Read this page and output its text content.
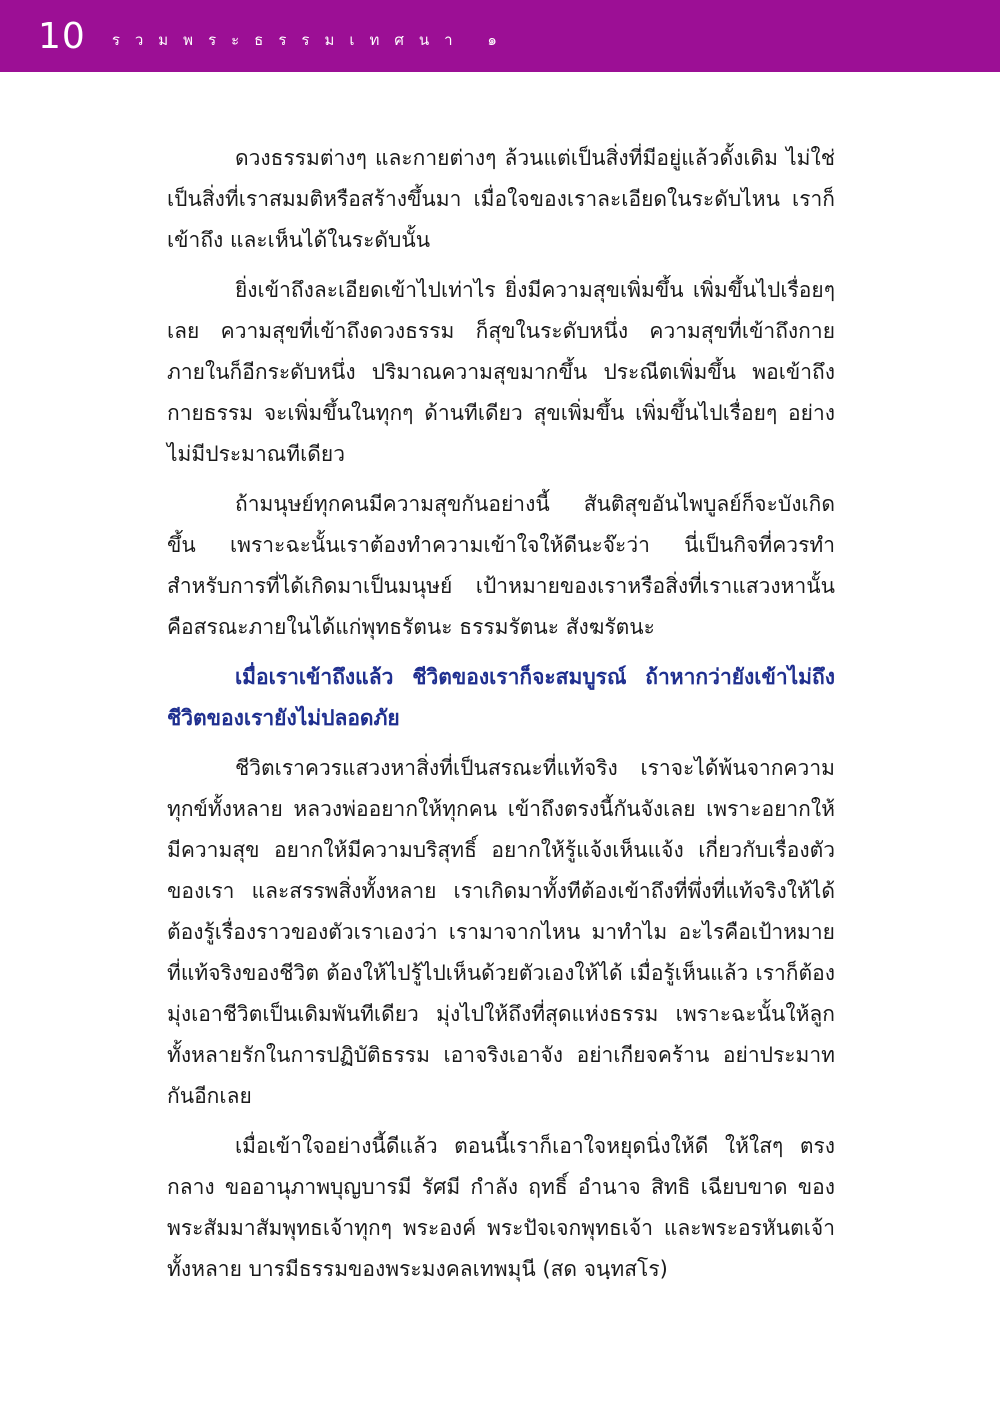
10 รวมพระธรรมเทศนา ๑

ดวงธรรมต่างๆ และกายต่างๆ ล้วนแต่เป็นสิ่งที่มีอยู่แล้วดั้งเดิม ไม่ใช่เป็นสิ่งที่เราสมมติหรือสร้างขึ้นมา เมื่อใจของเราละเอียดในระดับไหน เราก็เข้าถึง และเห็นได้ในระดับนั้น

ยิ่งเข้าถึงละเอียดเข้าไปเท่าไร ยิ่งมีความสุขเพิ่มขึ้น เพิ่มขึ้นไปเรื่อยๆ เลย ความสุขที่เข้าถึงดวงธรรม ก็สุขในระดับหนึ่ง ความสุขที่เข้าถึงกายภายในก็อีกระดับหนึ่ง ปริมาณความสุขมากขึ้น ประณีตเพิ่มขึ้น พอเข้าถึงกายธรรม จะเพิ่มขึ้นในทุกๆ ด้านทีเดียว สุขเพิ่มขึ้น เพิ่มขึ้นไปเรื่อยๆ อย่างไม่มีประมาณทีเดียว

ถ้ามนุษย์ทุกคนมีความสุขกันอย่างนี้ สันติสุขอันไพบูลย์ก็จะบังเกิดขึ้น เพราะฉะนั้นเราต้องทำความเข้าใจให้ดีนะจ๊ะว่า นี่เป็นกิจที่ควรทำ สำหรับการที่ได้เกิดมาเป็นมนุษย์ เป้าหมายของเราหรือสิ่งที่เราแสวงหานั้น คือสรณะภายในได้แก่พุทธรัตนะ ธรรมรัตนะ สังฆรัตนะ

เมื่อเราเข้าถึงแล้ว ชีวิตของเราก็จะสมบูรณ์ ถ้าหากว่ายังเข้าไม่ถึง ชีวิตของเรายังไม่ปลอดภัย

ชีวิตเราควรแสวงหาสิ่งที่เป็นสรณะที่แท้จริง เราจะได้พ้นจากความทุกข์ทั้งหลาย หลวงพ่ออยากให้ทุกคน เข้าถึงตรงนี้กันจังเลย เพราะอยากให้มีความสุข อยากให้มีความบริสุทธิ์ อยากให้รู้แจ้งเห็นแจ้ง เกี่ยวกับเรื่องตัวของเรา และสรรพสิ่งทั้งหลาย เราเกิดมาทั้งทีต้องเข้าถึงที่พึ่งที่แท้จริงให้ได้ ต้องรู้เรื่องราวของตัวเราเองว่า เรามาจากไหน มาทำไม อะไรคือเป้าหมายที่แท้จริงของชีวิต ต้องให้ไปรู้ไปเห็นด้วยตัวเองให้ได้ เมื่อรู้เห็นแล้ว เราก็ต้องมุ่งเอาชีวิตเป็นเดิมพันทีเดียว มุ่งไปให้ถึงที่สุดแห่งธรรม เพราะฉะนั้นให้ลูกทั้งหลายรักในการปฏิบัติธรรม เอาจริงเอาจัง อย่าเกียจคร้าน อย่าประมาทกันอีกเลย

เมื่อเข้าใจอย่างนี้ดีแล้ว ตอนนี้เราก็เอาใจหยุดนิ่งให้ดี ให้ใสๆ ตรงกลาง ขออานุภาพบุญบารมี รัศมี กำลัง ฤทธิ์ อำนาจ สิทธิ เฉียบขาด ของพระสัมมาสัมพุทธเจ้าทุกๆ พระองค์ พระปัจเจกพุทธเจ้า และพระอรหันตเจ้าทั้งหลาย บารมีธรรมของพระมงคลเทพมุนี (สด จนฺทสโร)
